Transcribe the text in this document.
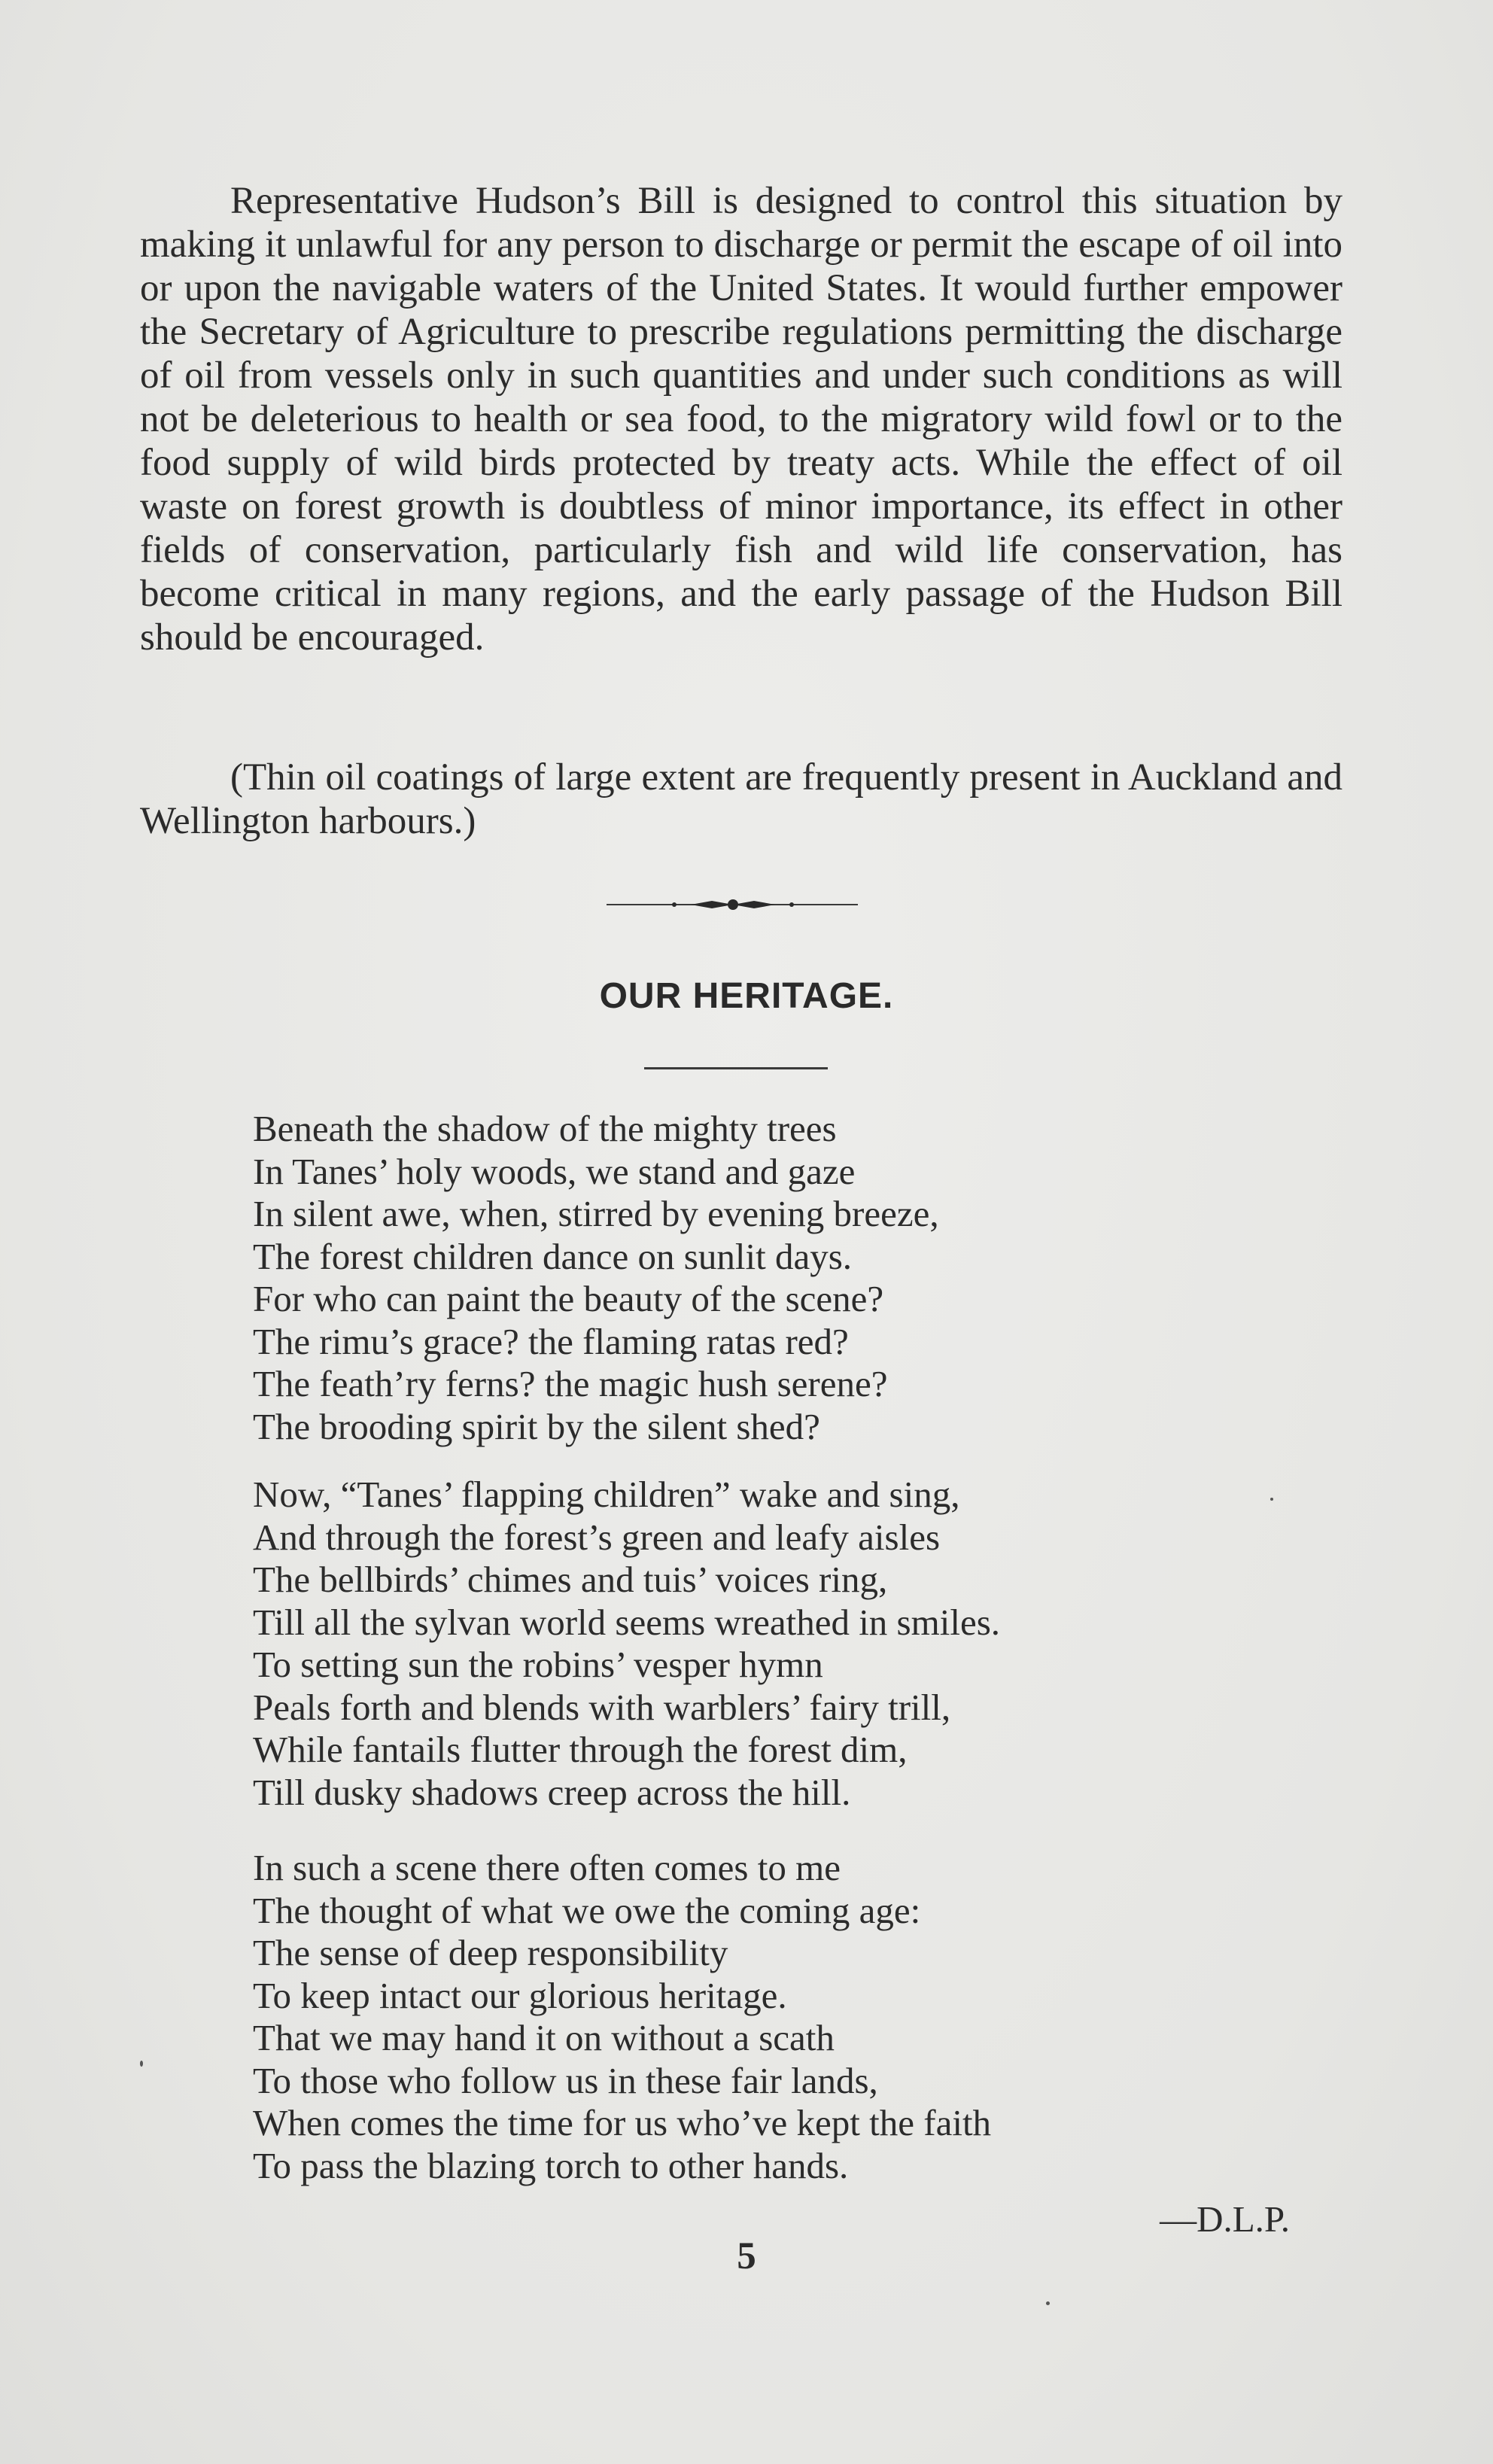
Representative Hudson’s Bill is designed to control this situation by making it unlawful for any person to discharge or permit the escape of oil into or upon the navigable waters of the United States. It would further empower the Secretary of Agriculture to prescribe regulations permitting the discharge of oil from vessels only in such quantities and under such conditions as will not be deleterious to health or sea food, to the migratory wild fowl or to the food supply of wild birds protected by treaty acts. While the effect of oil waste on forest growth is doubtless of minor importance, its effect in other fields of conservation, particularly fish and wild life conservation, has become critical in many regions, and the early passage of the Hudson Bill should be encouraged.

(Thin oil coatings of large extent are frequently present in Auckland and Wellington harbours.)

OUR HERITAGE.
Beneath the shadow of the mighty trees
In Tanes’ holy woods, we stand and gaze
In silent awe, when, stirred by evening breeze,
The forest children dance on sunlit days.
For who can paint the beauty of the scene?
The rimu’s grace? the flaming ratas red?
The feath’ry ferns? the magic hush serene?
The brooding spirit by the silent shed?
Now, “Tanes’ flapping children” wake and sing,
And through the forest’s green and leafy aisles
The bellbirds’ chimes and tuis’ voices ring,
Till all the sylvan world seems wreathed in smiles.
To setting sun the robins’ vesper hymn
Peals forth and blends with warblers’ fairy trill,
While fantails flutter through the forest dim,
Till dusky shadows creep across the hill.
In such a scene there often comes to me
The thought of what we owe the coming age:
The sense of deep responsibility
To keep intact our glorious heritage.
That we may hand it on without a scath
To those who follow us in these fair lands,
When comes the time for us who’ve kept the faith
To pass the blazing torch to other hands.
—D.L.P.
5
